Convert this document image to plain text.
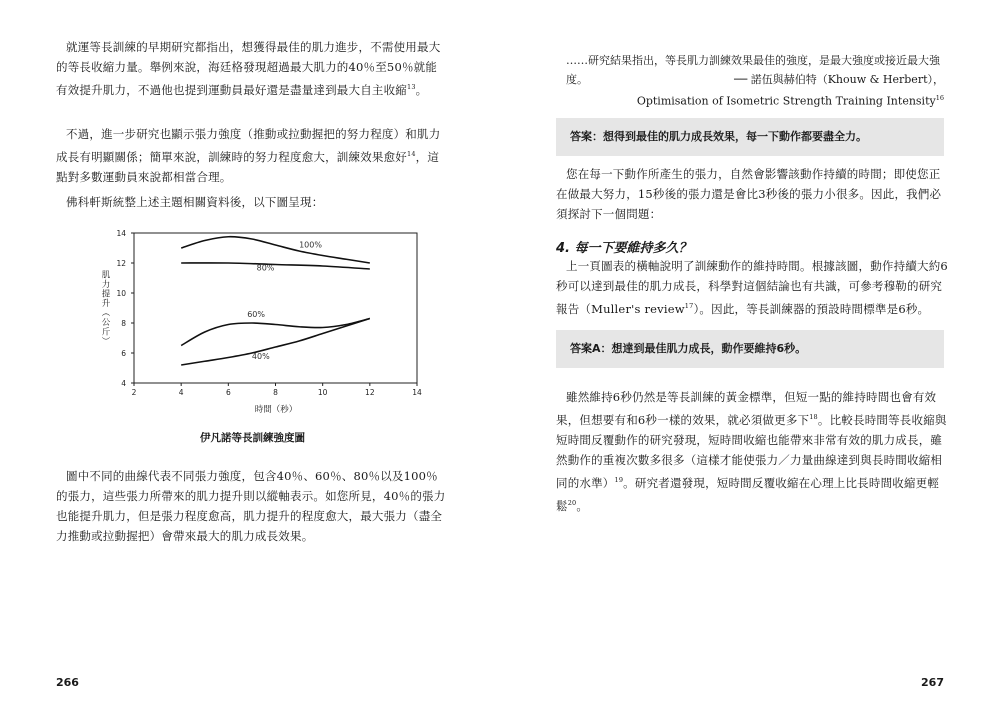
就運等長訓練的早期研究都指出，想獲得最佳的肌力進步，不需使用最大的等長收縮力量。舉例來說，海廷格發現超過最大肌力的40％至50％就能有效提升肌力，不過他也提到運動員最好還是盡量達到最大自主收縮$^{13}$。

不過，進一步研究也顯示張力強度（推動或拉動握把的努力程度）和肌力成長有明顯關係；簡單來說，訓練時的努力程度愈大，訓練效果愈好$^{14}$，這點對多數運動員來說都相當合理。

佛科軒斯統整上述主題相關資料後，以下圖呈現：

4
6
8
10
12
14
2	4	6	8	10	12	14
100%
80%
60%
40%
時間（秒）
肌力提升（公斤）
伊凡諾等長訓練強度圖

圖中不同的曲線代表不同張力強度，包含40％、60％、80％以及100％的張力，這些張力所帶來的肌力提升則以縱軸表示。如您所見，40％的張力也能提升肌力，但是張力程度愈高，肌力提升的程度愈大，最大張力（盡全力推動或拉動握把）會帶來最大的肌力成長效果。

266
……研究結果指出，等長肌力訓練效果最佳的強度，是最大強度或接近最大強度。	── 諾伍與赫伯特（Khouw & Herbert），
Optimisation of Isometric Strength Training Intensity$^{16}$
答案：想得到最佳的肌力成長效果，每一下動作都要盡全力。

您在每一下動作所產生的張力，自然會影響該動作持續的時間；即使您正在做最大努力，15秒後的張力還是會比3秒後的張力小很多。因此，我們必須探討下一個問題：

4. 每一下要維持多久？

上一頁圖表的橫軸說明了訓練動作的維持時間。根據該圖，動作持續大約6秒可以達到最佳的肌力成長，科學對這個結論也有共識，可參考穆勒的研究報告（Muller's review$^{17}$）。因此，等長訓練器的預設時間標準是6秒。

答案A：想達到最佳肌力成長，動作要維持6秒。

雖然維持6秒仍然是等長訓練的黃金標準，但短一點的維持時間也會有效果，但想要有和6秒一樣的效果，就必須做更多下$^{18}$。比較長時間等長收縮與短時間反覆動作的研究發現，短時間收縮也能帶來非常有效的肌力成長，雖然動作的重複次數多很多（這樣才能使張力／力量曲線達到與長時間收縮相同的水準）$^{19}$。研究者還發現，短時間反覆收縮在心理上比長時間收縮更輕鬆$^{20}$。

267
